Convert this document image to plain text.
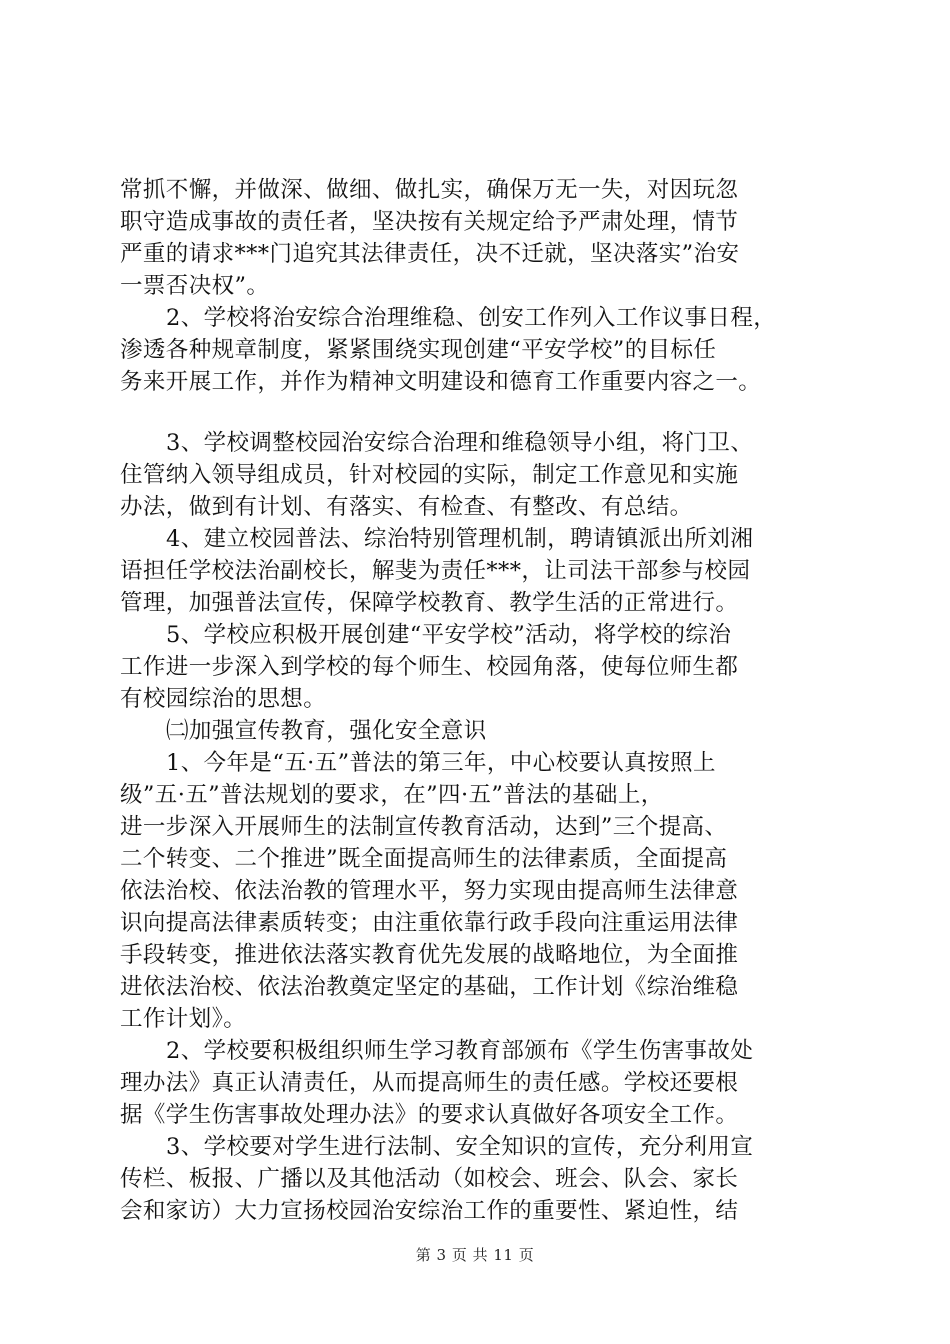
常抓不懈，并做深、做细、做扎实，确保万无一失，对因玩忽
职守造成事故的责任者，坚决按有关规定给予严肃处理，情节
严重的请求***门追究其法律责任，决不迁就，坚决落实”治安
一票否决权”。
2、学校将治安综合治理维稳、创安工作列入工作议事日程，
渗透各种规章制度，紧紧围绕实现创建“平安学校”的目标任
务来开展工作，并作为精神文明建设和德育工作重要内容之一。
3、学校调整校园治安综合治理和维稳领导小组，将门卫、
住管纳入领导组成员，针对校园的实际，制定工作意见和实施
办法，做到有计划、有落实、有检查、有整改、有总结。
4、建立校园普法、综治特别管理机制，聘请镇派出所刘湘
语担任学校法治副校长，解斐为责任***，让司法干部参与校园
管理，加强普法宣传，保障学校教育、教学生活的正常进行。
5、学校应积极开展创建“平安学校”活动，将学校的综治
工作进一步深入到学校的每个师生、校园角落，使每位师生都
有校园综治的思想。
㈡加强宣传教育，强化安全意识
1、今年是“五·五”普法的第三年，中心校要认真按照上
级”五·五”普法规划的要求，在”四·五”普法的基础上，
进一步深入开展师生的法制宣传教育活动，达到”三个提高、
二个转变、二个推进”既全面提高师生的法律素质，全面提高
依法治校、依法治教的管理水平，努力实现由提高师生法律意
识向提高法律素质转变；由注重依靠行政手段向注重运用法律
手段转变，推进依法落实教育优先发展的战略地位，为全面推
进依法治校、依法治教奠定坚定的基础，工作计划《综治维稳
工作计划》。
2、学校要积极组织师生学习教育部颁布《学生伤害事故处
理办法》真正认清责任，从而提高师生的责任感。学校还要根
据《学生伤害事故处理办法》的要求认真做好各项安全工作。
3、学校要对学生进行法制、安全知识的宣传，充分利用宣
传栏、板报、广播以及其他活动（如校会、班会、队会、家长
会和家访）大力宣扬校园治安综治工作的重要性、紧迫性，结
第 3 页 共 11 页
